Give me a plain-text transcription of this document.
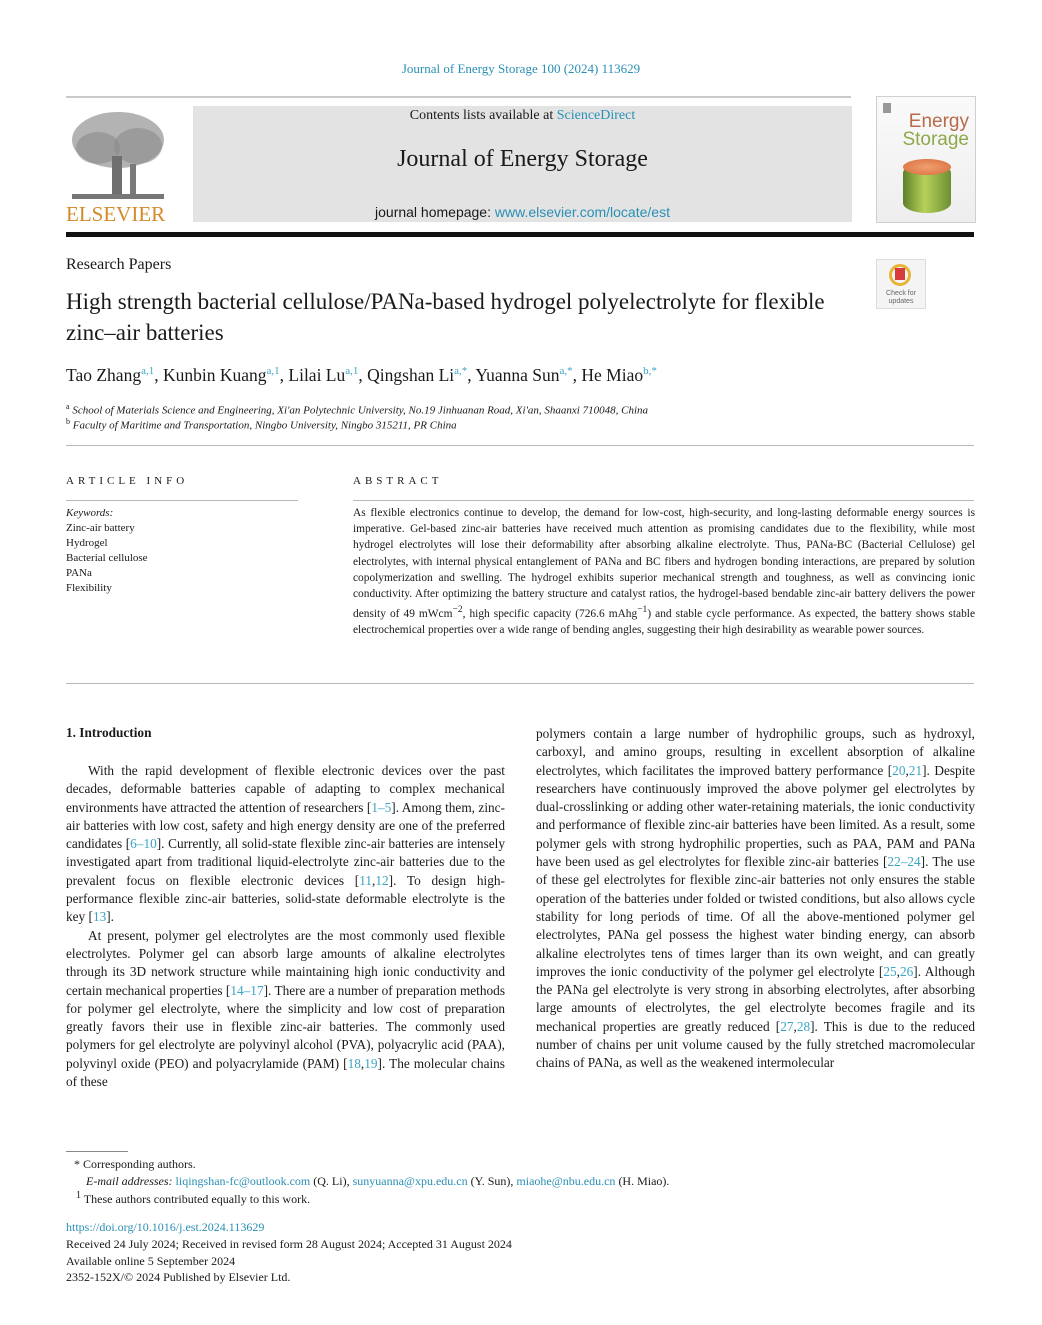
Journal of Energy Storage 100 (2024) 113629
ELSEVIER
Contents lists available at ScienceDirect
Journal of Energy Storage
journal homepage: www.elsevier.com/locate/est
Energy
Storage
Research Papers
Check for updates
High strength bacterial cellulose/PANa-based hydrogel polyelectrolyte for flexible zinc–air batteries
Tao Zhang$^{a,1}$, Kunbin Kuang$^{a,1}$, Lilai Lu$^{a,1}$, Qingshan $Li^{a,*}$, Yuanna Sun$^{a,*}$, He Miao$^{b,*}$
$^a$ School of Materials Science and Engineering, Xi'an Polytechnic University, No.19 Jinhuanan Road, Xi'an, Shaanxi 710048, China
$^b$ Faculty of Maritime and Transportation, Ningbo University, Ningbo 315211, PR China
ARTICLE INFO
Keywords:
Zinc-air battery
Hydrogel
Bacterial cellulose
PANa
Flexibility
ABSTRACT

As flexible electronics continue to develop, the demand for low-cost, high-security, and long-lasting deformable energy sources is imperative. Gel-based zinc-air batteries have received much attention as promising candidates due to the flexibility, while most hydrogel electrolytes will lose their deformability after absorbing alkaline electrolyte. Thus, PANa-BC (Bacterial Cellulose) gel electrolytes, with internal physical entanglement of PANa and BC fibers and hydrogen bonding interactions, are prepared by solution copolymerization and swelling. The hydrogel exhibits superior mechanical strength and toughness, as well as convincing ionic conductivity. After optimizing the battery structure and catalyst ratios, the hydrogel-based bendable zinc-air battery delivers the power density of 49 mWcm$^{-2}$, high specific capacity (726.6 mAhg$^{-1}$) and stable cycle performance. As expected, the battery shows stable electrochemical properties over a wide range of bending angles, suggesting their high desirability as wearable power sources.

1. Introduction

With the rapid development of flexible electronic devices over the past decades, deformable batteries capable of adapting to complex mechanical environments have attracted the attention of researchers [1–5]. Among them, zinc-air batteries with low cost, safety and high energy density are one of the preferred candidates [6–10]. Currently, all solid-state flexible zinc-air batteries are intensely investigated apart from traditional liquid-electrolyte zinc-air batteries due to the prevalent focus on flexible electronic devices [11,12]. To design high-performance flexible zinc-air batteries, solid-state deformable electrolyte is the key [13].

At present, polymer gel electrolytes are the most commonly used flexible electrolytes. Polymer gel can absorb large amounts of alkaline electrolytes through its 3D network structure while maintaining high ionic conductivity and certain mechanical properties [14–17]. There are a number of preparation methods for polymer gel electrolyte, where the simplicity and low cost of preparation greatly favors their use in flexible zinc-air batteries. The commonly used polymers for gel electrolyte are polyvinyl alcohol (PVA), polyacrylic acid (PAA), polyvinyl oxide (PEO) and polyacrylamide (PAM) [18,19]. The molecular chains of these

polymers contain a large number of hydrophilic groups, such as hydroxyl, carboxyl, and amino groups, resulting in excellent absorption of alkaline electrolytes, which facilitates the improved battery performance [20,21]. Despite researchers have continuously improved the above polymer gel electrolytes by dual-crosslinking or adding other water-retaining materials, the ionic conductivity and performance of flexible zinc-air batteries have been limited. As a result, some polymer gels with strong hydrophilic properties, such as PAA, PAM and PANa have been used as gel electrolytes for flexible zinc-air batteries [22–24]. The use of these gel electrolytes for flexible zinc-air batteries not only ensures the stable operation of the batteries under folded or twisted conditions, but also allows cycle stability for long periods of time. Of all the above-mentioned polymer gel electrolytes, PANa gel possess the highest water binding energy, can absorb alkaline electrolytes tens of times larger than its own weight, and can greatly improves the ionic conductivity of the polymer gel electrolyte [25,26]. Although the PANa gel electrolyte is very strong in absorbing electrolytes, after absorbing large amounts of electrolytes, the gel electrolyte becomes fragile and its mechanical properties are greatly reduced [27,28]. This is due to the reduced number of chains per unit volume caused by the fully stretched macromolecular chains of PANa, as well as the weakened intermolecular

* Corresponding authors.
E-mail addresses: liqingshan-fc@outlook.com (Q. Li), sunyuanna@xpu.edu.cn (Y. Sun), miaohe@nbu.edu.cn (H. Miao).
$^1$ These authors contributed equally to this work.
https://doi.org/10.1016/j.est.2024.113629
Received 24 July 2024; Received in revised form 28 August 2024; Accepted 31 August 2024
Available online 5 September 2024
2352-152X/© 2024 Published by Elsevier Ltd.
